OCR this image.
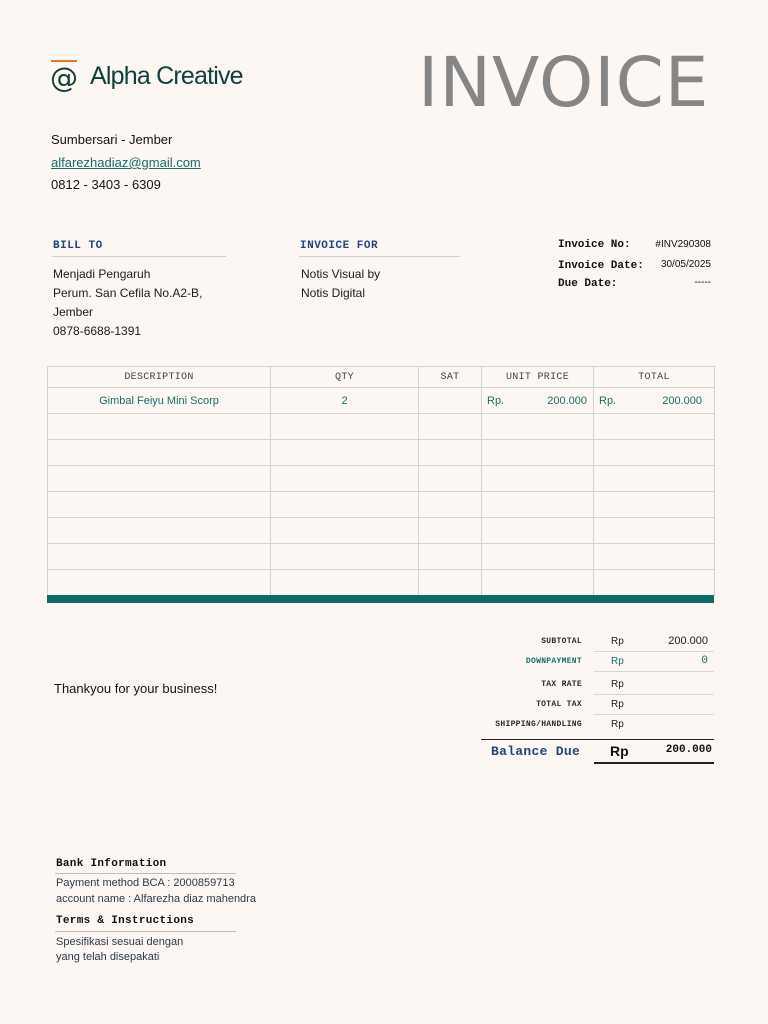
@ Alpha Creative	INVOICE
Sumbersari - Jember
alfarezhadiaz@gmail.com
0812 - 3403 - 6309
BILL TO
Menjadi Pengaruh
Perum. San Cefila No.A2-B,
Jember
0878-6688-1391
INVOICE FOR
Notis Visual by
Notis Digital
Invoice No:	#INV290308
Invoice Date:	30/05/2025
Due Date:	-----
DESCRIPTION	QTY	SAT	UNIT PRICE	TOTAL
Gimbal Feiyu Mini Scorp	2		Rp. 200.000	Rp. 200.000

Thankyou for your business!
SUBTOTAL	Rp	200.000
DOWNPAYMENT	Rp	0
TAX RATE	Rp
TOTAL TAX	Rp
SHIPPING/HANDLING	Rp
Balance Due Rp	200.000
Bank Information
Payment method BCA : 2000859713
account name : Alfarezha diaz mahendra
Terms & Instructions
Spesifikasi sesuai dengan
yang telah disepakati
